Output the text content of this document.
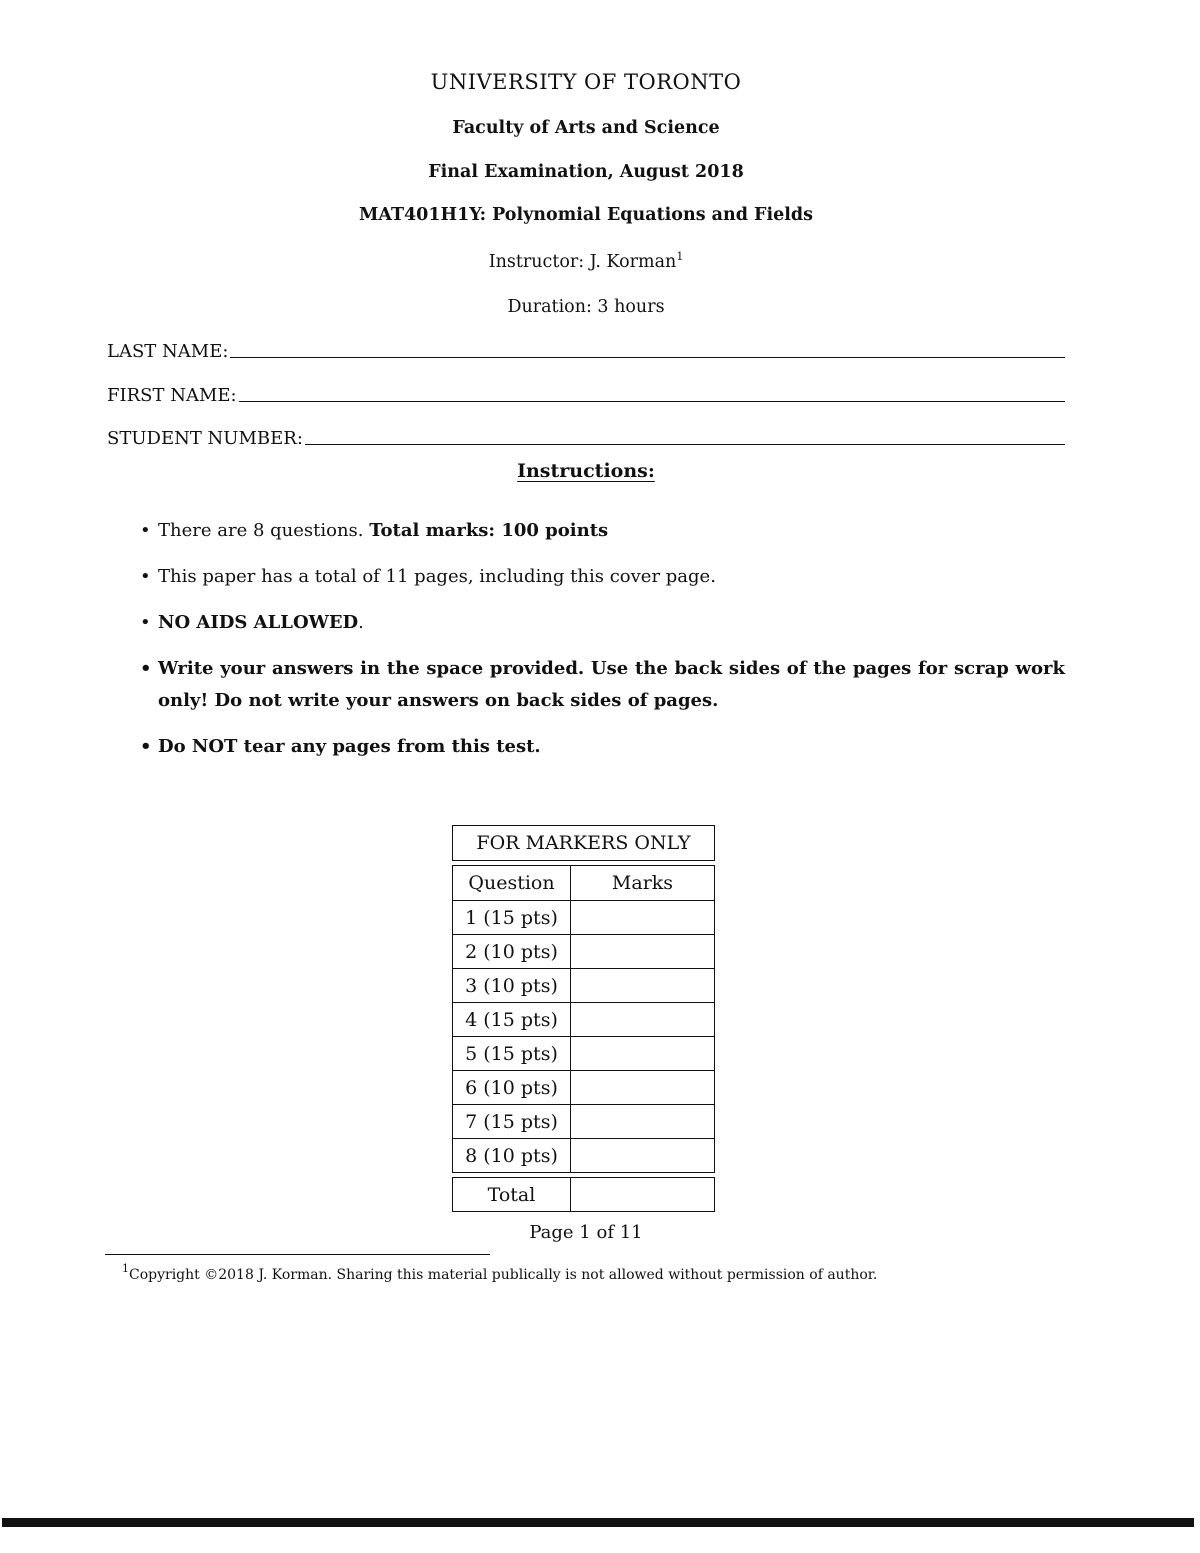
UNIVERSITY OF TORONTO
Faculty of Arts and Science
Final Examination, August 2018
MAT401H1Y: Polynomial Equations and Fields
Instructor: J. Korman$^1$
Duration: 3 hours
LAST NAME:
FIRST NAME:
STUDENT NUMBER:
Instructions:
• There are 8 questions. Total marks: 100 points
• This paper has a total of 11 pages, including this cover page.
• NO AIDS ALLOWED.
• Write your answers in the space provided. Use the back sides of the pages for scrap work only! Do not write your answers on back sides of pages.
• Do NOT tear any pages from this test.
FOR MARKERS ONLY	

Question	Marks
1 (15 pts)	
2 (10 pts)	
3 (10 pts)	
4 (15 pts)	
5 (15 pts)	
6 (10 pts)	
7 (15 pts)	
8 (10 pts)	

Total	
Page 1 of 11
$^1$Copyright ©2018 J. Korman. Sharing this material publically is not allowed without permission of author.
